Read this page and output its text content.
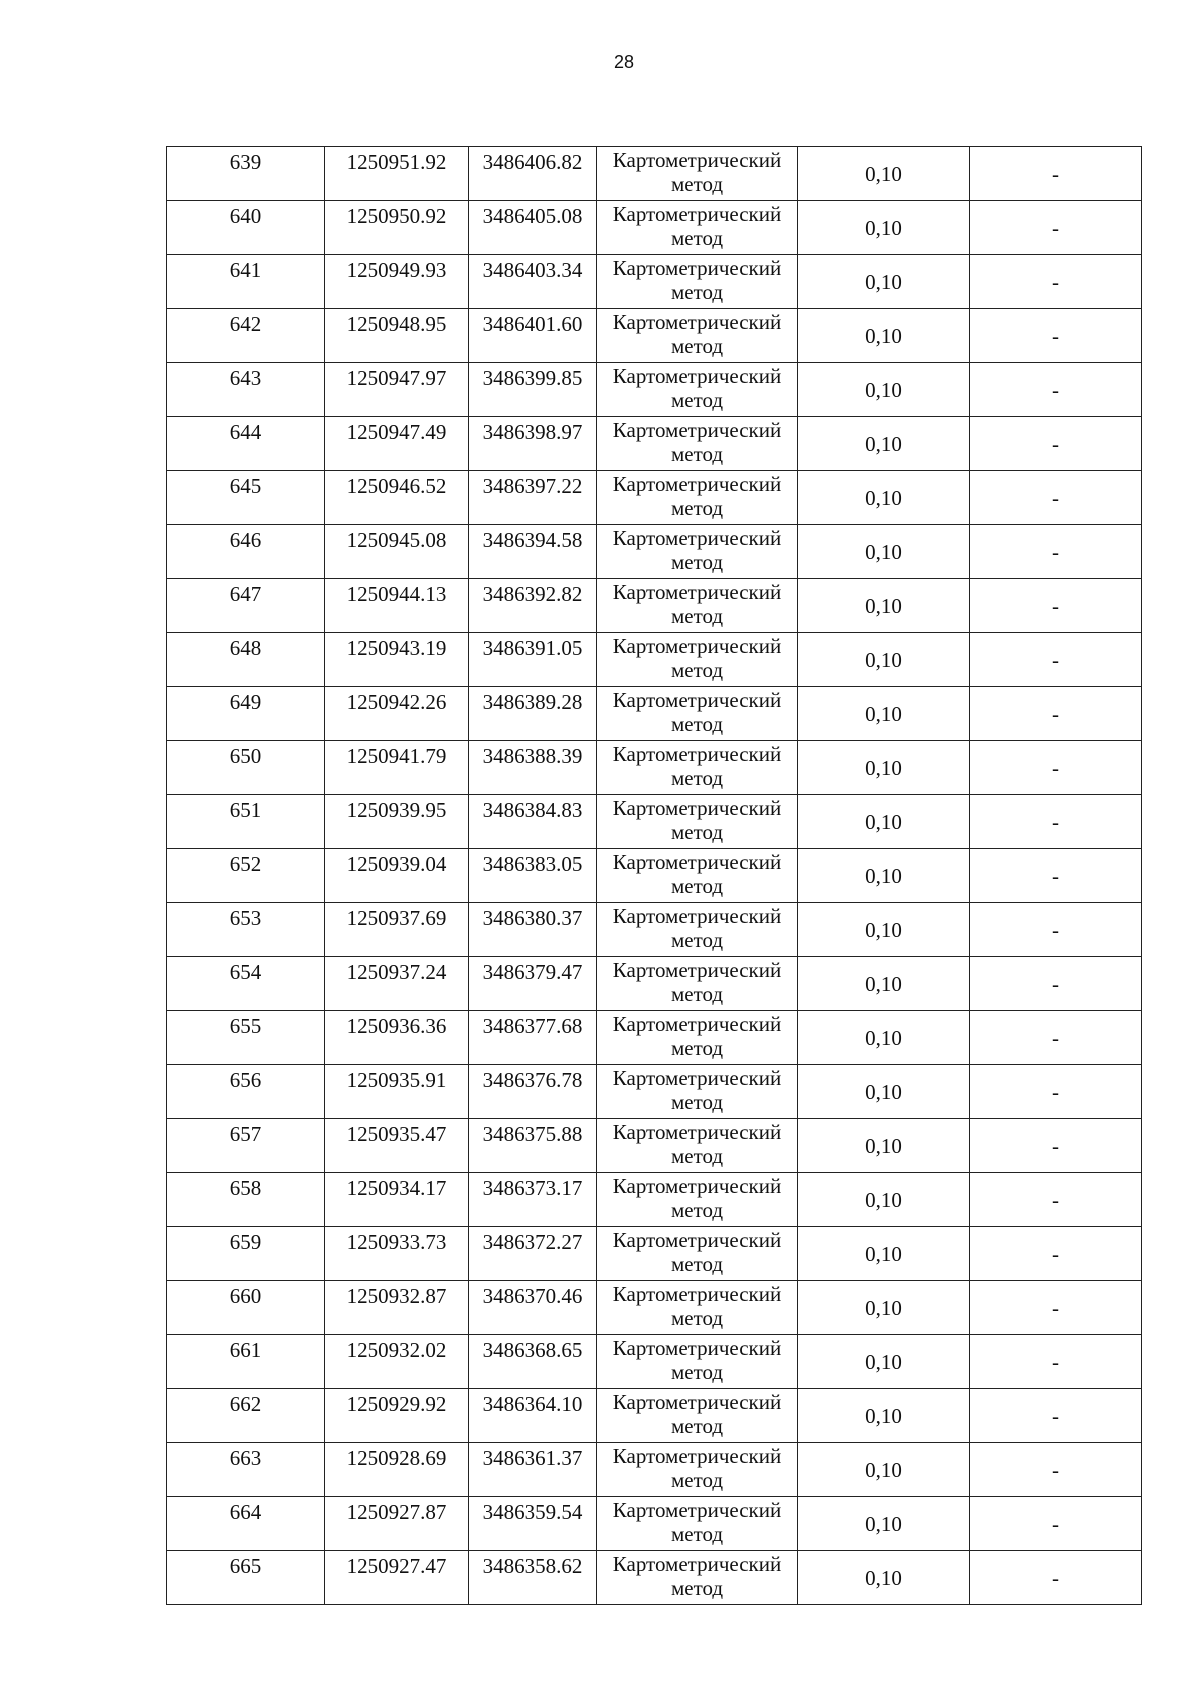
28
639	1250951.92	3486406.82	Картометрический метод	0,10	-
640	1250950.92	3486405.08	Картометрический метод	0,10	-
641	1250949.93	3486403.34	Картометрический метод	0,10	-
642	1250948.95	3486401.60	Картометрический метод	0,10	-
643	1250947.97	3486399.85	Картометрический метод	0,10	-
644	1250947.49	3486398.97	Картометрический метод	0,10	-
645	1250946.52	3486397.22	Картометрический метод	0,10	-
646	1250945.08	3486394.58	Картометрический метод	0,10	-
647	1250944.13	3486392.82	Картометрический метод	0,10	-
648	1250943.19	3486391.05	Картометрический метод	0,10	-
649	1250942.26	3486389.28	Картометрический метод	0,10	-
650	1250941.79	3486388.39	Картометрический метод	0,10	-
651	1250939.95	3486384.83	Картометрический метод	0,10	-
652	1250939.04	3486383.05	Картометрический метод	0,10	-
653	1250937.69	3486380.37	Картометрический метод	0,10	-
654	1250937.24	3486379.47	Картометрический метод	0,10	-
655	1250936.36	3486377.68	Картометрический метод	0,10	-
656	1250935.91	3486376.78	Картометрический метод	0,10	-
657	1250935.47	3486375.88	Картометрический метод	0,10	-
658	1250934.17	3486373.17	Картометрический метод	0,10	-
659	1250933.73	3486372.27	Картометрический метод	0,10	-
660	1250932.87	3486370.46	Картометрический метод	0,10	-
661	1250932.02	3486368.65	Картометрический метод	0,10	-
662	1250929.92	3486364.10	Картометрический метод	0,10	-
663	1250928.69	3486361.37	Картометрический метод	0,10	-
664	1250927.87	3486359.54	Картометрический метод	0,10	-
665	1250927.47	3486358.62	Картометрический метод	0,10	-
